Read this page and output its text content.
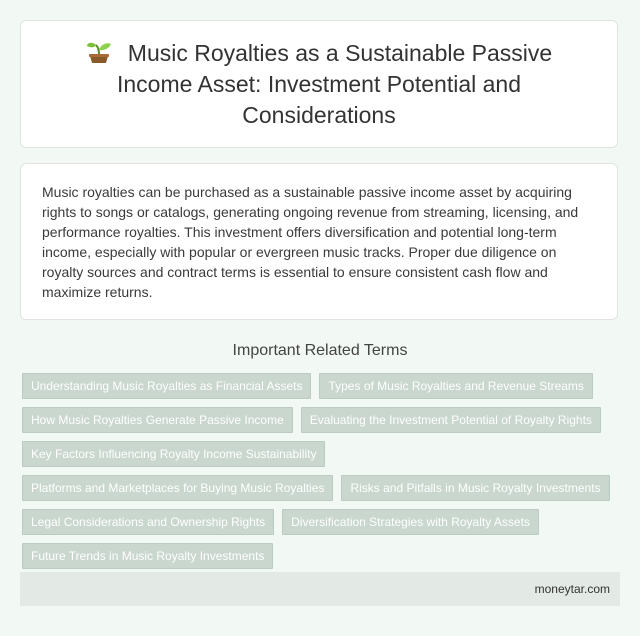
Music Royalties as a Sustainable Passive Income Asset: Investment Potential and Considerations

Music royalties can be purchased as a sustainable passive income asset by acquiring rights to songs or catalogs, generating ongoing revenue from streaming, licensing, and performance royalties. This investment offers diversification and potential long-term income, especially with popular or evergreen music tracks. Proper due diligence on royalty sources and contract terms is essential to ensure consistent cash flow and maximize returns.

Important Related Terms
Understanding Music Royalties as Financial Assets	Types of Music Royalties and Revenue Streams
How Music Royalties Generate Passive Income	Evaluating the Investment Potential of Royalty Rights
Key Factors Influencing Royalty Income Sustainability
Platforms and Marketplaces for Buying Music Royalties	Risks and Pitfalls in Music Royalty Investments
Legal Considerations and Ownership Rights	Diversification Strategies with Royalty Assets
Future Trends in Music Royalty Investments
moneytar.com
